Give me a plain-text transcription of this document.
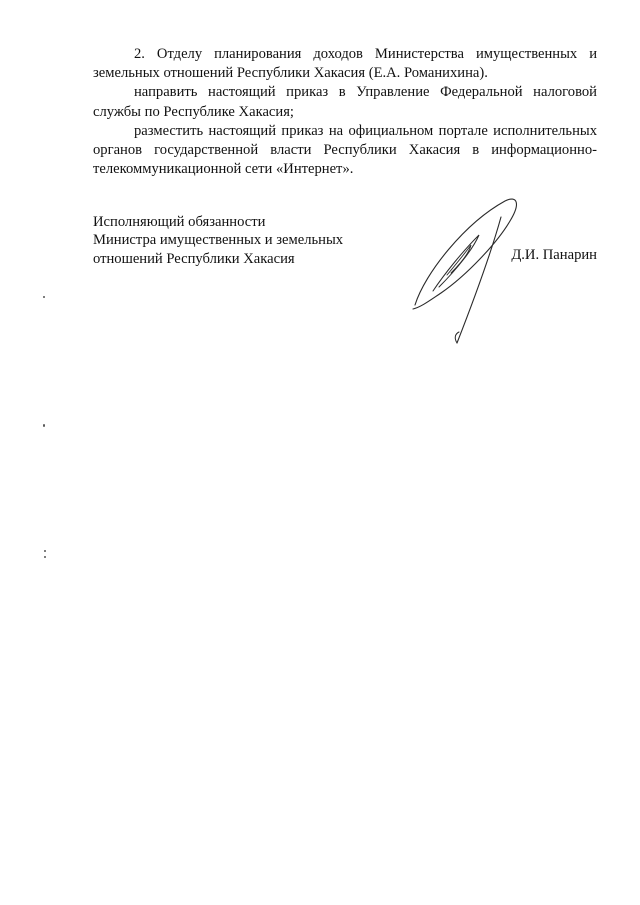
2. Отделу планирования доходов Министерства имущественных и земельных отношений Республики Хакасия (Е.А. Романихина).

направить настоящий приказ в Управление Федеральной налоговой службы по Республике Хакасия;

разместить настоящий приказ на официальном портале исполнительных органов государственной власти Республики Хакасия в информационно-телекоммуникационной сети «Интернет».

Исполняющий обязанности
Министра имущественных и земельных
отношений Республики Хакасия	Д.И. Панарин
